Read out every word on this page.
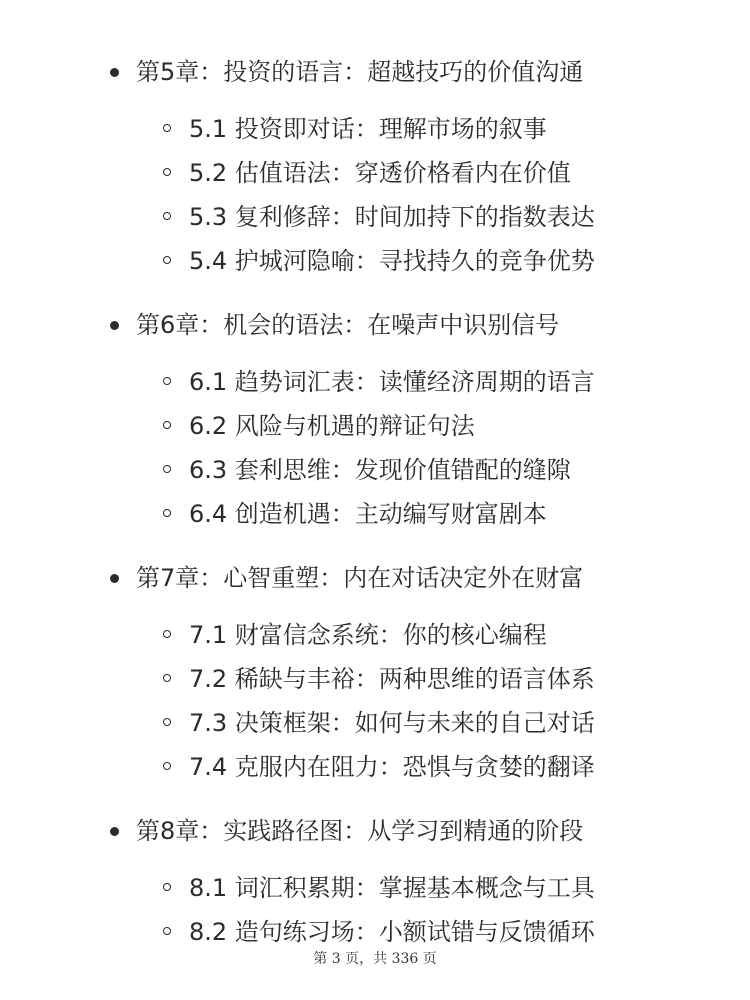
第5章：投资的语言：超越技巧的价值沟通
5.1 投资即对话：理解市场的叙事
5.2 估值语法：穿透价格看内在价值
5.3 复利修辞：时间加持下的指数表达
5.4 护城河隐喻：寻找持久的竞争优势
第6章：机会的语法：在噪声中识别信号
6.1 趋势词汇表：读懂经济周期的语言
6.2 风险与机遇的辩证句法
6.3 套利思维：发现价值错配的缝隙
6.4 创造机遇：主动编写财富剧本
第7章：心智重塑：内在对话决定外在财富
7.1 财富信念系统：你的核心编程
7.2 稀缺与丰裕：两种思维的语言体系
7.3 决策框架：如何与未来的自己对话
7.4 克服内在阻力：恐惧与贪婪的翻译
第8章：实践路径图：从学习到精通的阶段
8.1 词汇积累期：掌握基本概念与工具
8.2 造句练习场：小额试错与反馈循环
第 3 页，共 336 页
